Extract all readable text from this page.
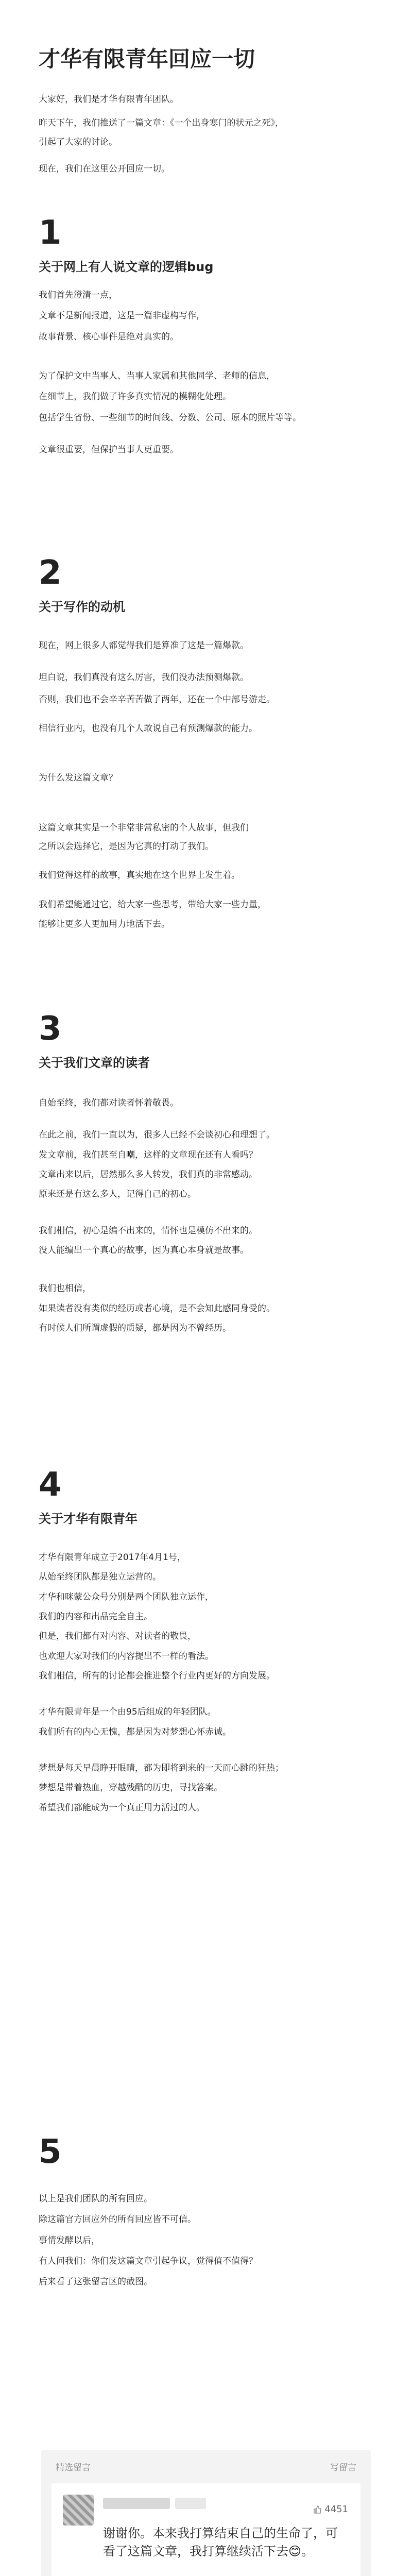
才华有限青年回应一切

大家好，我们是才华有限青年团队。

昨天下午，我们推送了一篇文章：《一个出身寒门的状元之死》，

引起了大家的讨论。

现在，我们在这里公开回应一切。

1

关于网上有人说文章的逻辑bug

我们首先澄清一点，

文章不是新闻报道，这是一篇非虚构写作，

故事背景、核心事件是绝对真实的。

为了保护文中当事人、当事人家属和其他同学、老师的信息，

在细节上，我们做了许多真实情况的模糊化处理。

包括学生省份、一些细节的时间线、分数、公司、原本的照片等等。

文章很重要，但保护当事人更重要。

2

关于写作的动机

现在，网上很多人都觉得我们是算准了这是一篇爆款。

坦白说，我们真没有这么厉害，我们没办法预测爆款。

否则，我们也不会辛辛苦苦做了两年，还在一个中部号游走。

相信行业内，也没有几个人敢说自己有预测爆款的能力。

为什么发这篇文章？

这篇文章其实是一个非常非常私密的个人故事，但我们

之所以会选择它，是因为它真的打动了我们。

我们觉得这样的故事，真实地在这个世界上发生着。

我们希望能通过它，给大家一些思考，带给大家一些力量，

能够让更多人更加用力地活下去。

3

关于我们文章的读者

自始至终，我们都对读者怀着敬畏。

在此之前，我们一直以为，很多人已经不会谈初心和理想了。

发文章前，我们甚至自嘲，这样的文章现在还有人看吗？

文章出来以后，居然那么多人转发，我们真的非常感动。

原来还是有这么多人，记得自己的初心。

我们相信，初心是编不出来的，情怀也是模仿不出来的。

没人能编出一个真心的故事，因为真心本身就是故事。

我们也相信，

如果读者没有类似的经历或者心境，是不会知此感同身受的。

有时候人们所谓虚假的质疑，都是因为不曾经历。

4

关于才华有限青年

才华有限青年成立于2017年4月1号，

从始至终团队都是独立运营的。

才华和咪蒙公众号分别是两个团队独立运作，

我们的内容和出品完全自主。

但是，我们都有对内容、对读者的敬畏，

也欢迎大家对我们的内容提出不一样的看法。

我们相信，所有的讨论都会推进整个行业内更好的方向发展。

才华有限青年是一个由95后组成的年轻团队。

我们所有的内心无愧，都是因为对梦想心怀赤诚。

梦想是每天早晨睁开眼睛，都为即将到来的一天而心跳的狂热；

梦想是带着热血，穿越残酷的历史，寻找答案。

希望我们都能成为一个真正用力活过的人。

5

以上是我们团队的所有回应。

除这篇官方回应外的所有回应皆不可信。

事情发酵以后，

有人问我们：你们发这篇文章引起争议，觉得值不值得？

后来看了这张留言区的截图。

精选留言	写留言
4451

谢谢你。本来我打算结束自己的生命了，可看了这篇文章，我打算继续活下去😊。
